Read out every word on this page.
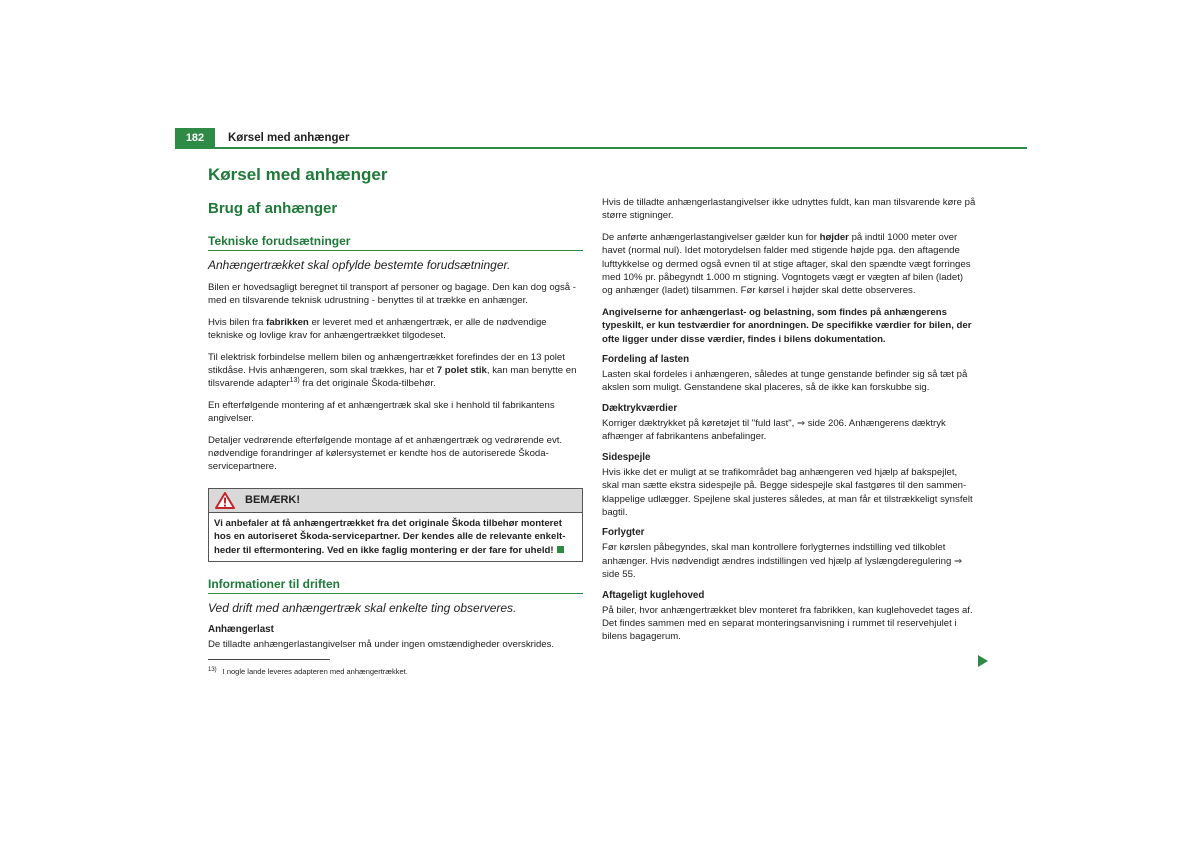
182	Kørsel med anhænger
Kørsel med anhænger
Brug af anhænger
Tekniske forudsætninger
Anhængertrækket skal opfylde bestemte forudsætninger.

Bilen er hovedsagligt beregnet til transport af personer og bagage. Den kan dog også - med en tilsvarende teknisk udrustning - benyttes til at trække en anhænger.

Hvis bilen fra fabrikken er leveret med et anhængertræk, er alle de nødvendige tekniske og lovlige krav for anhængertrækket tilgodeset.

Til elektrisk forbindelse mellem bilen og anhængertrækket forefindes der en 13 polet stikdåse. Hvis anhængeren, som skal trækkes, har et 7 polet stik, kan man benytte en tilsvarende adapter$^{13)}$ fra det originale Škoda-tilbehør.

En efterfølgende montering af et anhængertræk skal ske i henhold til fabrikantens angivelser.

Detaljer vedrørende efterfølgende montage af et anhængertræk og vedrørende evt. nødvendige forandringer af kølersystemet er kendte hos de autoriserede Škoda-servicepartnere.

BEMÆRK!
Vi anbefaler at få anhængertrækket fra det originale Škoda tilbehør monteret hos en autoriseret Škoda-servicepartner. Der kendes alle de relevante enkelt-heder til eftermontering. Ved en ikke faglig montering er der fare for uheld!
Informationer til driften
Ved drift med anhængertræk skal enkelte ting observeres.
Anhængerlast

De tilladte anhængerlastangivelser må under ingen omstændigheder overskrides.

$^{13)}$ I nogle lande leveres adapteren med anhængertrækket.

Hvis de tilladte anhængerlastangivelser ikke udnyttes fuldt, kan man tilsvarende køre på større stigninger.

De anførte anhængerlastangivelser gælder kun for højder på indtil 1000 meter over havet (normal nul). Idet motorydelsen falder med stigende højde pga. den aftagende lufttykkelse og dermed også evnen til at stige aftager, skal den spændte vægt forringes med 10% pr. påbegyndt 1.000 m stigning. Vogntogets vægt er vægten af bilen (ladet) og anhænger (ladet) tilsammen. Før kørsel i højder skal dette observeres.

Angivelserne for anhængerlast- og belastning, som findes på anhængerens typeskilt, er kun testværdier for anordningen. De specifikke værdier for bilen, der ofte ligger under disse værdier, findes i bilens dokumentation.

Fordeling af lasten

Lasten skal fordeles i anhængeren, således at tunge genstande befinder sig så tæt på akslen som muligt. Genstandene skal placeres, så de ikke kan forskubbe sig.

Dæktrykværdier

Korriger dæktrykket på køretøjet til "fuld last", ⇒ side 206. Anhængerens dæktryk afhænger af fabrikantens anbefalinger.

Sidespejle

Hvis ikke det er muligt at se trafikområdet bag anhængeren ved hjælp af bakspejlet, skal man sætte ekstra sidespejle på. Begge sidespejle skal fastgøres til den sammen-klappelige udlægger. Spejlene skal justeres således, at man får et tilstrækkeligt synsfelt bagtil.

Forlygter

Før kørslen påbegyndes, skal man kontrollere forlygternes indstilling ved tilkoblet anhænger. Hvis nødvendigt ændres indstillingen ved hjælp af lyslængderegulering ⇒ side 55.

Aftageligt kuglehoved

På biler, hvor anhængertrækket blev monteret fra fabrikken, kan kuglehovedet tages af. Det findes sammen med en separat monteringsanvisning i rummet til reservehjulet i bilens bagagerum.
